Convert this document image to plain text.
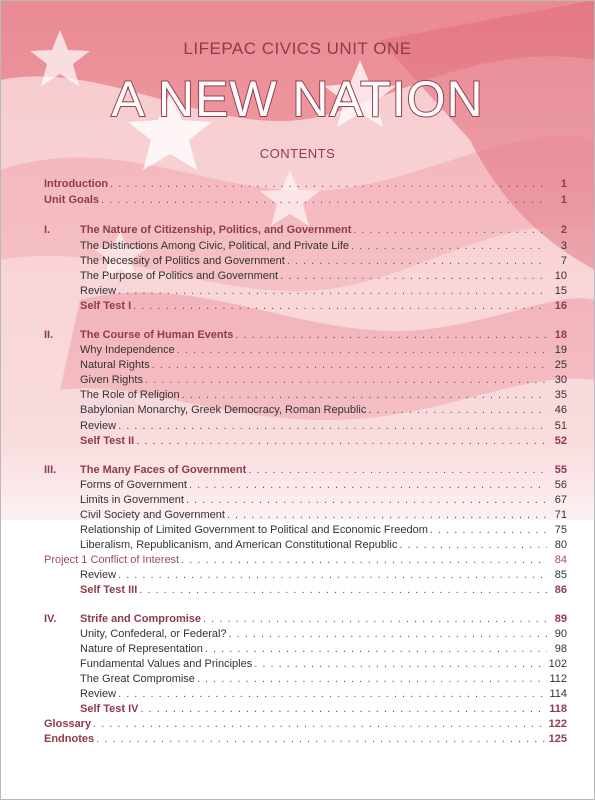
LIFEPAC CIVICS UNIT ONE
A NEW NATION
CONTENTS
Introduction . . .	1
Unit Goals . . .	1
I.	The Nature of Citizenship, Politics, and Government . . .	2
The Distinctions Among Civic, Political, and Private Life . . .	3
The Necessity of Politics and Government . . .	7
The Purpose of Politics and Government . . .	10
Review . . .	15
Self Test I . . .	16
II. The Course of Human Events . . .	18
Why Independence . . .	19
Natural Rights . . .	25
Given Rights . . .	30
The Role of Religion . . .	35
Babylonian Monarchy, Greek Democracy, Roman Republic . . .	46
Review . . .	51
Self Test II . . .	52
III. The Many Faces of Government . . .	55
Forms of Government . . .	56
Limits in Government . . .	67
Civil Society and Government . . .	71
Relationship of Limited Government to Political and Economic Freedom . . .	75
Liberalism, Republicanism, and American Constitutional Republic . . .	80
Project 1 Conflict of Interest . . .	84
Review . . .	85
Self Test III . . .	86
IV. Strife and Compromise . . .	89
Unity, Confederal, or Federal? . . .	90
Nature of Representation . . .	98
Fundamental Values and Principles . . .	102
The Great Compromise . . .	112
Review . . .	114
Self Test IV . . .	118
Glossary . . .	122
Endnotes . . .	125
